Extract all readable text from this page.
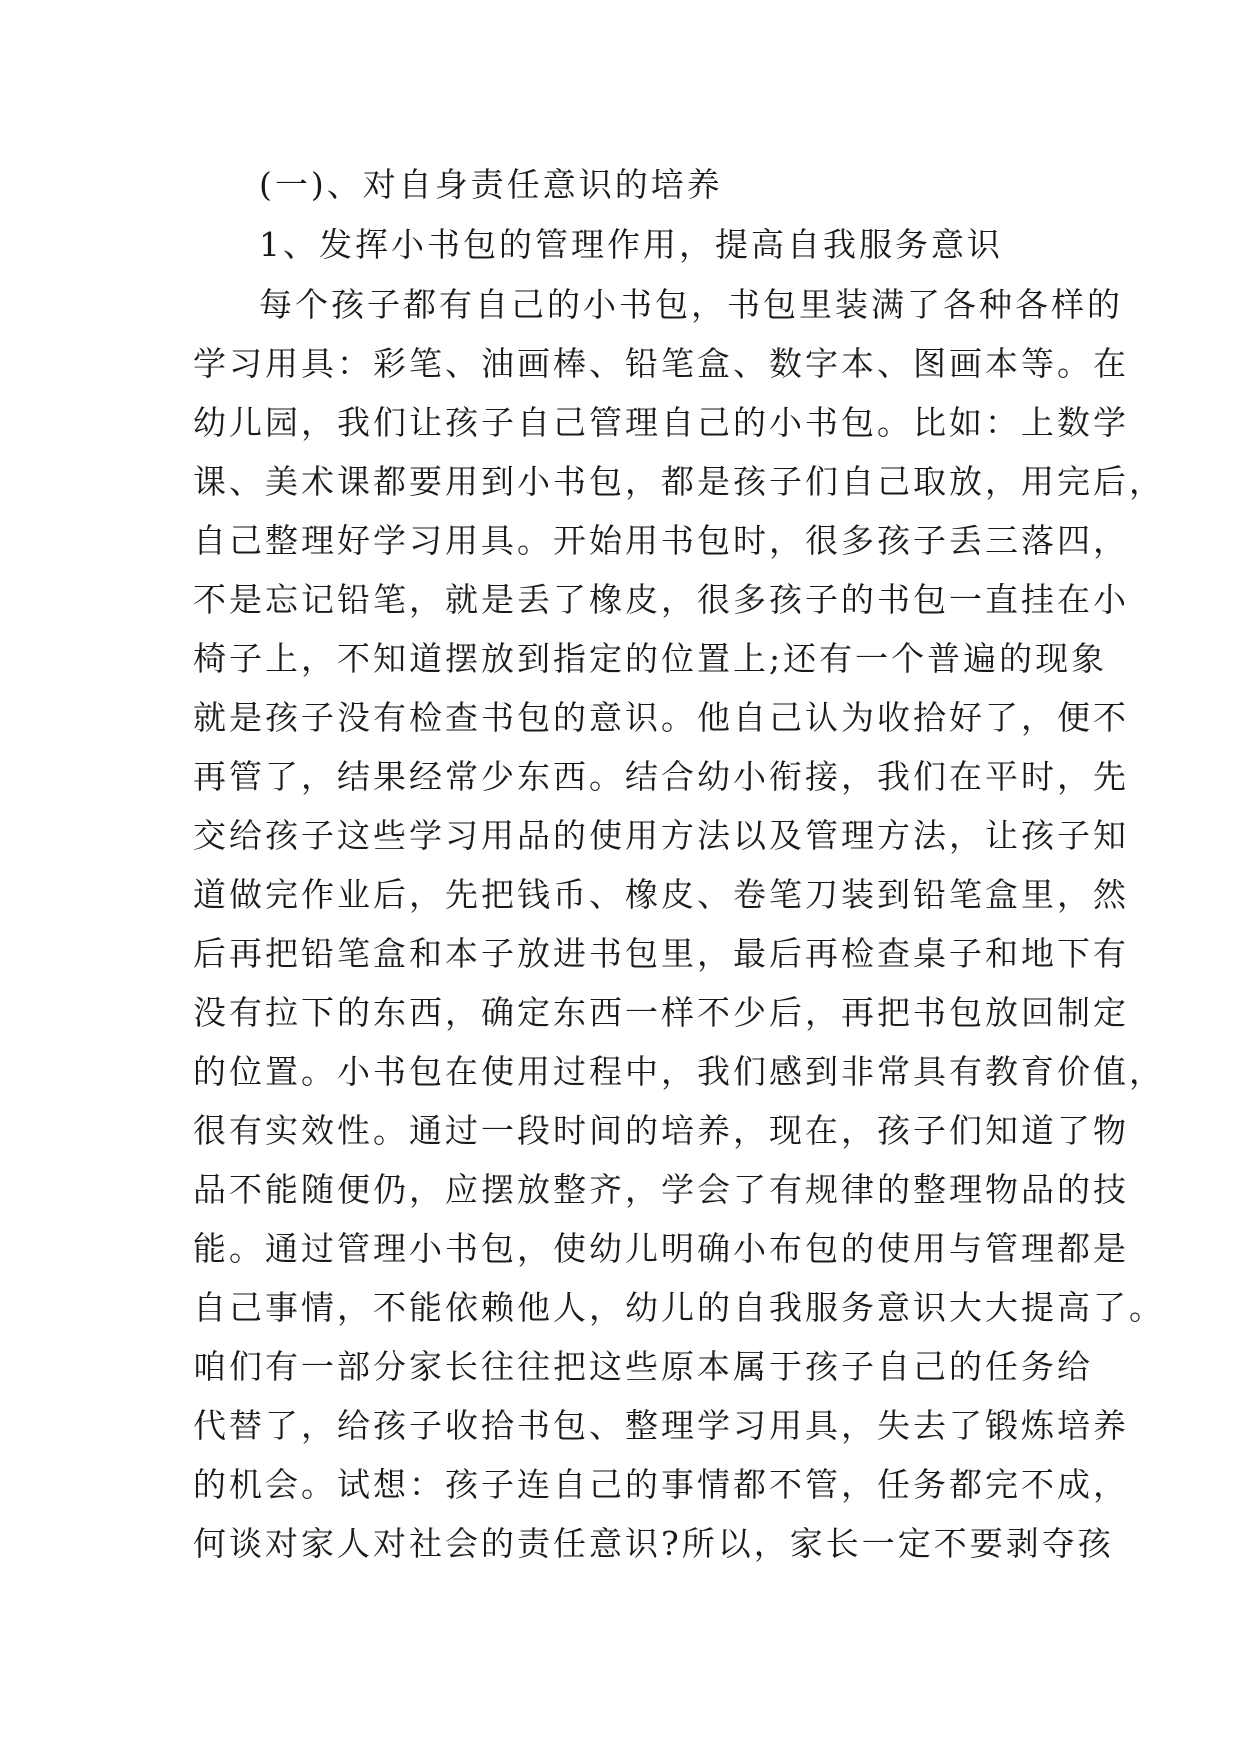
(一)、对自身责任意识的培养
1、发挥小书包的管理作用，提高自我服务意识
每个孩子都有自己的小书包，书包里装满了各种各样的
学习用具：彩笔、油画棒、铅笔盒、数字本、图画本等。在
幼儿园，我们让孩子自己管理自己的小书包。比如：上数学
课、美术课都要用到小书包，都是孩子们自己取放，用完后，
自己整理好学习用具。开始用书包时，很多孩子丢三落四，
不是忘记铅笔，就是丢了橡皮，很多孩子的书包一直挂在小
椅子上，不知道摆放到指定的位置上;还有一个普遍的现象
就是孩子没有检查书包的意识。他自己认为收拾好了，便不
再管了，结果经常少东西。结合幼小衔接，我们在平时，先
交给孩子这些学习用品的使用方法以及管理方法，让孩子知
道做完作业后，先把钱币、橡皮、卷笔刀装到铅笔盒里，然
后再把铅笔盒和本子放进书包里，最后再检查桌子和地下有
没有拉下的东西，确定东西一样不少后，再把书包放回制定
的位置。小书包在使用过程中，我们感到非常具有教育价值，
很有实效性。通过一段时间的培养，现在，孩子们知道了物
品不能随便仍，应摆放整齐，学会了有规律的整理物品的技
能。通过管理小书包，使幼儿明确小布包的使用与管理都是
自己事情，不能依赖他人，幼儿的自我服务意识大大提高了。
咱们有一部分家长往往把这些原本属于孩子自己的任务给
代替了，给孩子收拾书包、整理学习用具，失去了锻炼培养
的机会。试想：孩子连自己的事情都不管，任务都完不成，
何谈对家人对社会的责任意识?所以，家长一定不要剥夺孩
